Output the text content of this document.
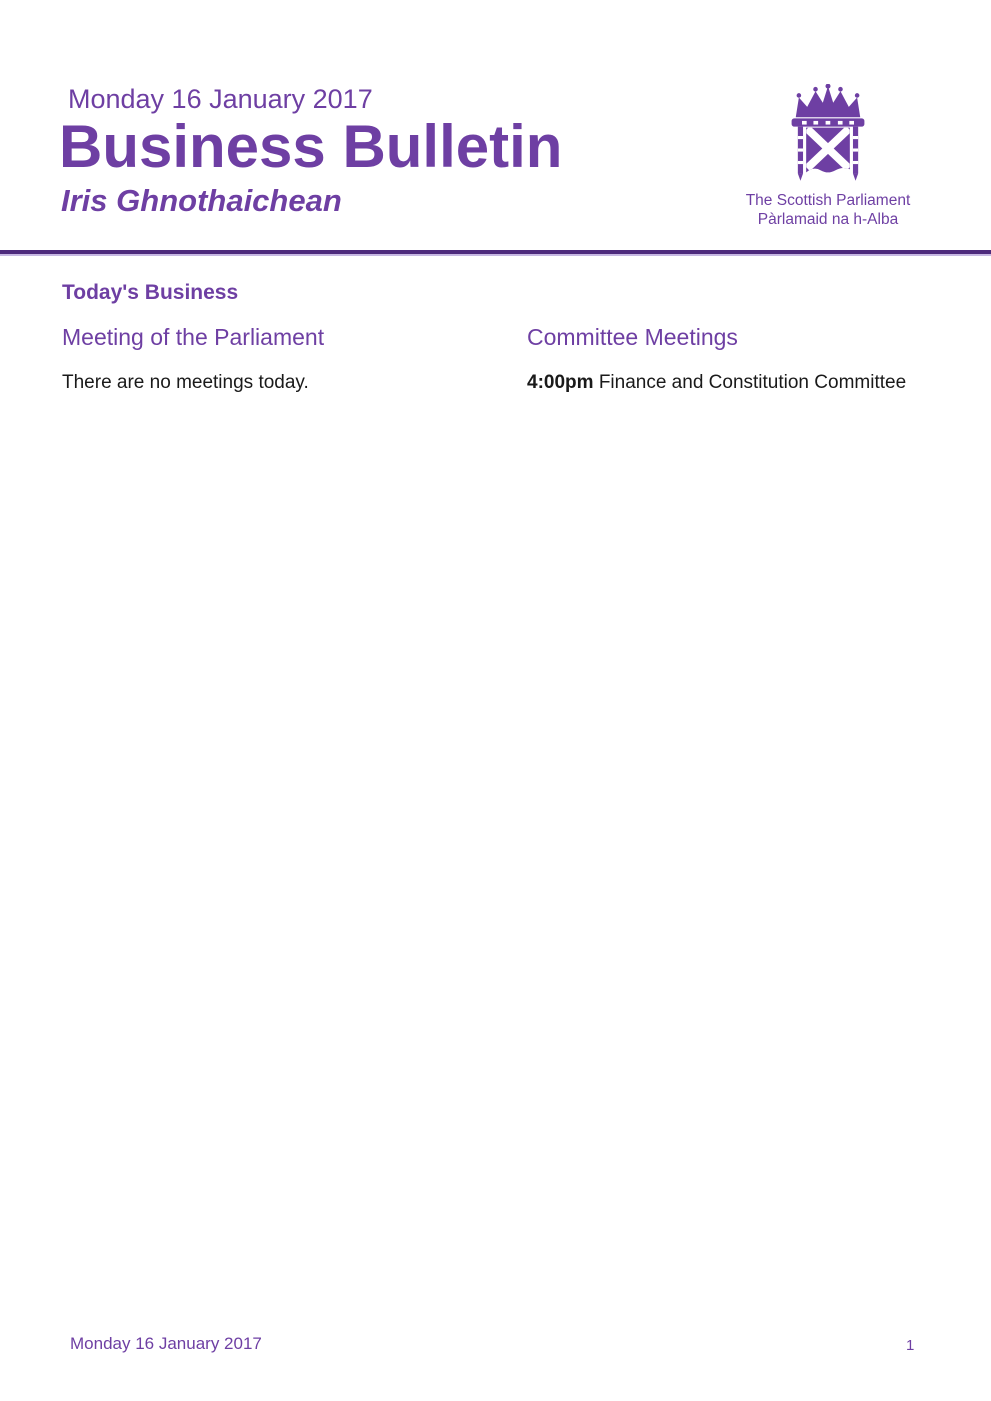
Monday 16 January 2017
Business Bulletin
Iris Ghnothaichean	The Scottish Parliament
Pàrlamaid na h-Alba
Today's Business
Meeting of the Parliament
There are no meetings today.
Committee Meetings
4:00pm Finance and Constitution Committee
Monday 16 January 2017	1
